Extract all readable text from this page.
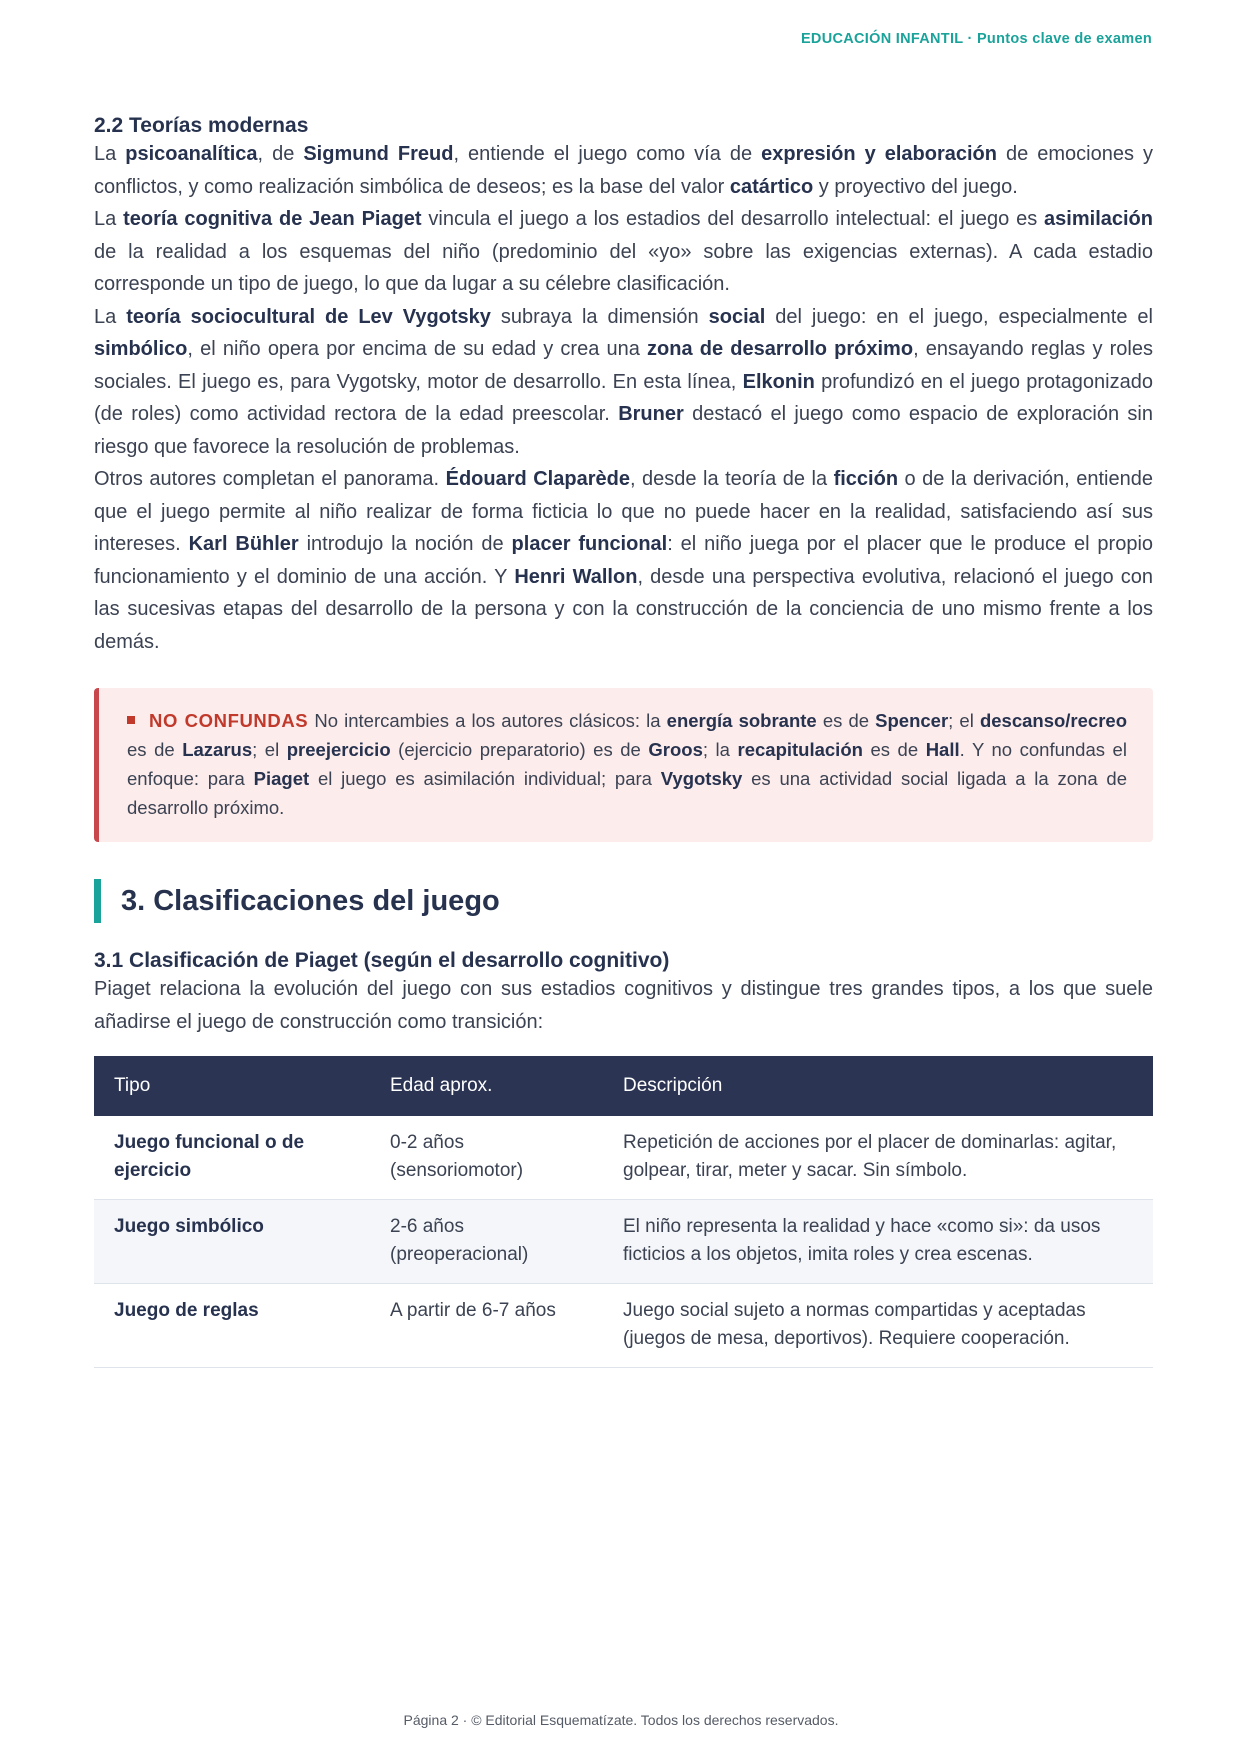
EDUCACIÓN INFANTIL · Puntos clave de examen
2.2 Teorías modernas

La psicoanalítica, de Sigmund Freud, entiende el juego como vía de expresión y elaboración de emociones y conflictos, y como realización simbólica de deseos; es la base del valor catártico y proyectivo del juego.

La teoría cognitiva de Jean Piaget vincula el juego a los estadios del desarrollo intelectual: el juego es asimilación de la realidad a los esquemas del niño (predominio del «yo» sobre las exigencias externas). A cada estadio corresponde un tipo de juego, lo que da lugar a su célebre clasificación.

La teoría sociocultural de Lev Vygotsky subraya la dimensión social del juego: en el juego, especialmente el simbólico, el niño opera por encima de su edad y crea una zona de desarrollo próximo, ensayando reglas y roles sociales. El juego es, para Vygotsky, motor de desarrollo. En esta línea, Elkonin profundizó en el juego protagonizado (de roles) como actividad rectora de la edad preescolar. Bruner destacó el juego como espacio de exploración sin riesgo que favorece la resolución de problemas.

Otros autores completan el panorama. Édouard Claparède, desde la teoría de la ficción o de la derivación, entiende que el juego permite al niño realizar de forma ficticia lo que no puede hacer en la realidad, satisfaciendo así sus intereses. Karl Bühler introdujo la noción de placer funcional: el niño juega por el placer que le produce el propio funcionamiento y el dominio de una acción. Y Henri Wallon, desde una perspectiva evolutiva, relacionó el juego con las sucesivas etapas del desarrollo de la persona y con la construcción de la conciencia de uno mismo frente a los demás.

NO CONFUNDAS No intercambies a los autores clásicos: la energía sobrante es de Spencer; el descanso/recreo es de Lazarus; el preejercicio (ejercicio preparatorio) es de Groos; la recapitulación es de Hall. Y no confundas el enfoque: para Piaget el juego es asimilación individual; para Vygotsky es una actividad social ligada a la zona de desarrollo próximo.
3. Clasificaciones del juego
3.1 Clasificación de Piaget (según el desarrollo cognitivo)

Piaget relaciona la evolución del juego con sus estadios cognitivos y distingue tres grandes tipos, a los que suele añadirse el juego de construcción como transición:

Tipo	Edad aprox.	Descripción
Juego funcional o de ejercicio	0-2 años (sensoriomotor)	Repetición de acciones por el placer de dominarlas: agitar, golpear, tirar, meter y sacar. Sin símbolo.
Juego simbólico	2-6 años (preoperacional)	El niño representa la realidad y hace «como si»: da usos ficticios a los objetos, imita roles y crea escenas.
Juego de reglas	A partir de 6-7 años	Juego social sujeto a normas compartidas y aceptadas (juegos de mesa, deportivos). Requiere cooperación.
Página 2 · © Editorial Esquematízate. Todos los derechos reservados.
